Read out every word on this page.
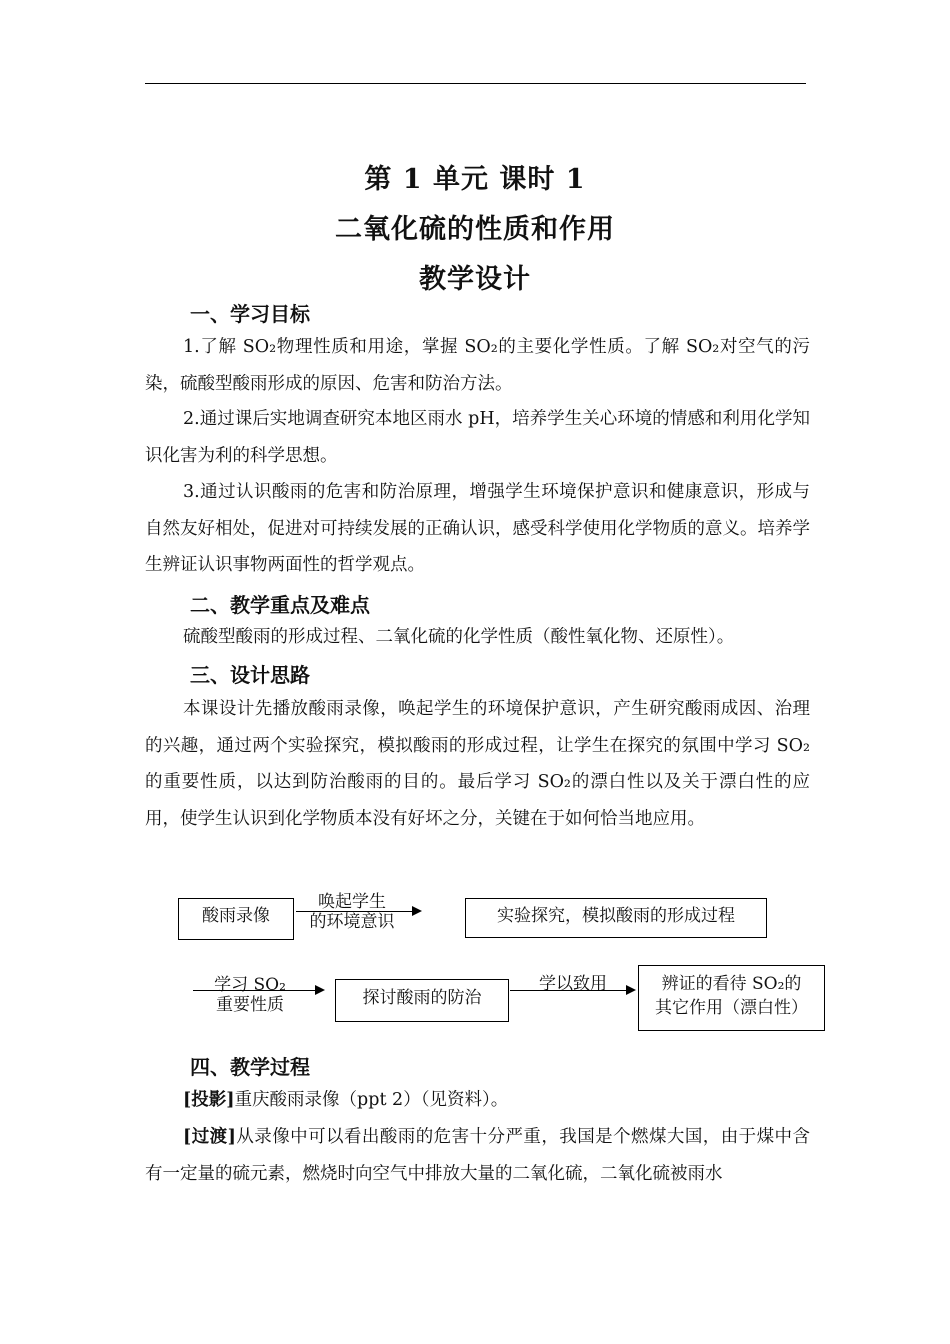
第 1 单元 课时 1
二氧化硫的性质和作用
教学设计
一、学习目标

1.了解 SO₂物理性质和用途，掌握 SO₂的主要化学性质。了解 SO₂对空气的污染，硫酸型酸雨形成的原因、危害和防治方法。

2.通过课后实地调查研究本地区雨水 pH，培养学生关心环境的情感和利用化学知识化害为利的科学思想。

3.通过认识酸雨的危害和防治原理，增强学生环境保护意识和健康意识，形成与自然友好相处，促进对可持续发展的正确认识，感受科学使用化学物质的意义。培养学生辨证认识事物两面性的哲学观点。

二、教学重点及难点

硫酸型酸雨的形成过程、二氧化硫的化学性质（酸性氧化物、还原性）。

三、设计思路

本课设计先播放酸雨录像，唤起学生的环境保护意识，产生研究酸雨成因、治理的兴趣，通过两个实验探究，模拟酸雨的形成过程，让学生在探究的氛围中学习 SO₂的重要性质，以达到防治酸雨的目的。最后学习 SO₂的漂白性以及关于漂白性的应用，使学生认识到化学物质本没有好坏之分，关键在于如何恰当地应用。

酸雨录像
唤起学生
的环境意识	实验探究，模拟酸雨的形成过程
学习 SO₂
重要性质	探讨酸雨的防治
学以致用	辨证的看待 SO₂的
其它作用（漂白性）
四、教学过程

[投影]重庆酸雨录像（ppt 2）（见资料）。

[过渡]从录像中可以看出酸雨的危害十分严重，我国是个燃煤大国，由于煤中含有一定量的硫元素，燃烧时向空气中排放大量的二氧化硫，二氧化硫被雨水
